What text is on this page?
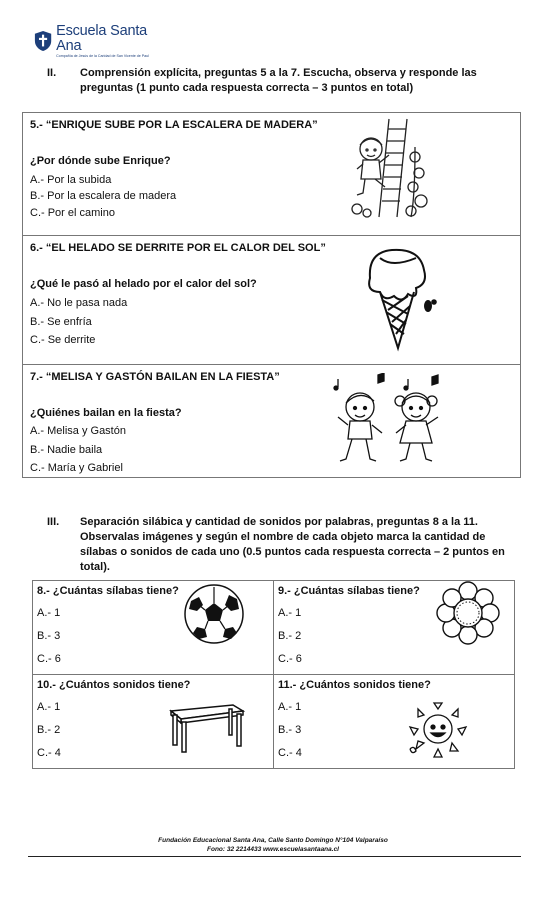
Escuela Santa Ana
Compañía de Jesús de la Caridad de San Vicente de Paul
II. Comprensión explícita, preguntas 5 a la 7. Escucha, observa y responde las
preguntas (1 punto cada respuesta correcta – 3 puntos en total)
5.- “ENRIQUE SUBE POR LA ESCALERA DE MADERA”
¿Por dónde sube Enrique?
A.- Por la subida
B.- Por la escalera de madera
C.- Por el camino
6.- “EL HELADO SE DERRITE POR EL CALOR DEL SOL”
¿Qué le pasó al helado por el calor del sol?
A.- No le pasa nada
B.- Se enfría
C.- Se derrite
7.- “MELISA Y GASTÓN BAILAN EN LA FIESTA”
¿Quiénes bailan en la fiesta?
A.- Melisa y Gastón
B.- Nadie baila
C.- María y Gabriel
III. Separación silábica y cantidad de sonidos por palabras, preguntas 8 a la 11.
Observalas imágenes y según el nombre de cada objeto marca la cantidad de
sílabas o sonidos de cada uno (0.5 puntos cada respuesta correcta – 2 puntos en
total).
8.- ¿Cuántas sílabas tiene?
A.- 1
B.- 3
C.- 6
9.- ¿Cuántas sílabas tiene?
A.- 1
B.- 2
C.- 6
10.- ¿Cuántos sonidos tiene?
A.- 1
B.- 2
C.- 4
11.- ¿Cuántos sonidos tiene?
A.- 1
B.- 3
C.- 4
Fundación Educacional Santa Ana, Calle Santo Domingo N°104 Valparaíso
Fono: 32 2214433 www.escuelasantaana.cl
